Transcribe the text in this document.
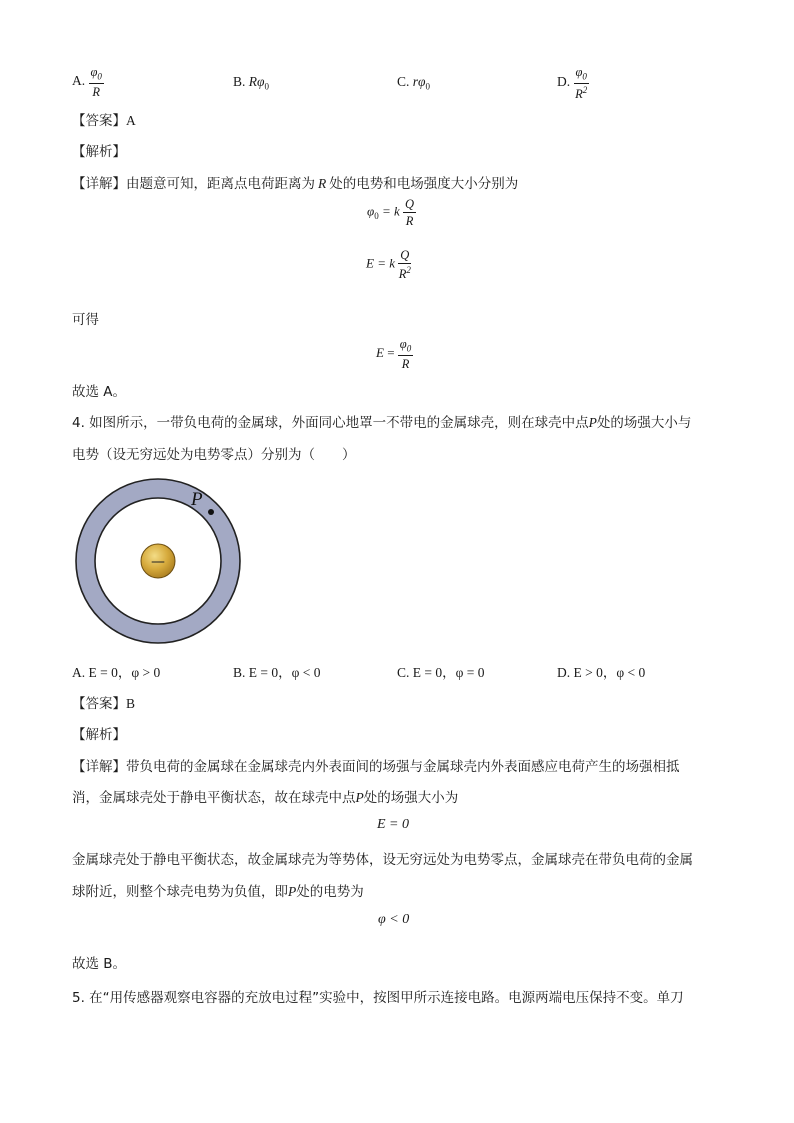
A. $\frac{\varphi_0}{R}$	B. $R\varphi_0$	C. $r\varphi_0$	D. $\frac{\varphi_0}{R^2}$
【答案】A
【解析】
【详解】由题意可知，距离点电荷距离为 R 处的电势和电场强度大小分别为
$\varphi_0 = k \frac{Q}{R}$
E = k $\frac{Q}{R^2}$
可得
$E = \frac{\varphi_0}{R}$
故选 A。
4. 如图所示，一带负电荷的金属球，外面同心地罩一不带电的金属球壳，则在球壳中点P处的场强大小与
电势（设无穷远处为电势零点）分别为（　　）
—
P
A. E = 0，φ > 0	B. E = 0，φ < 0	C. E = 0，φ = 0	D. E > 0，φ < 0
【答案】B
【解析】
【详解】带负电荷的金属球在金属球壳内外表面间的场强与金属球壳内外表面感应电荷产生的场强相抵
消，金属球壳处于静电平衡状态，故在球壳中点P处的场强大小为
E = 0
金属球壳处于静电平衡状态，故金属球壳为等势体，设无穷远处为电势零点，金属球壳在带负电荷的金属
球附近，则整个球壳电势为负值，即P处的电势为
φ < 0
故选 B。
5. 在“用传感器观察电容器的充放电过程”实验中，按图甲所示连接电路。电源两端电压保持不变。单刀
